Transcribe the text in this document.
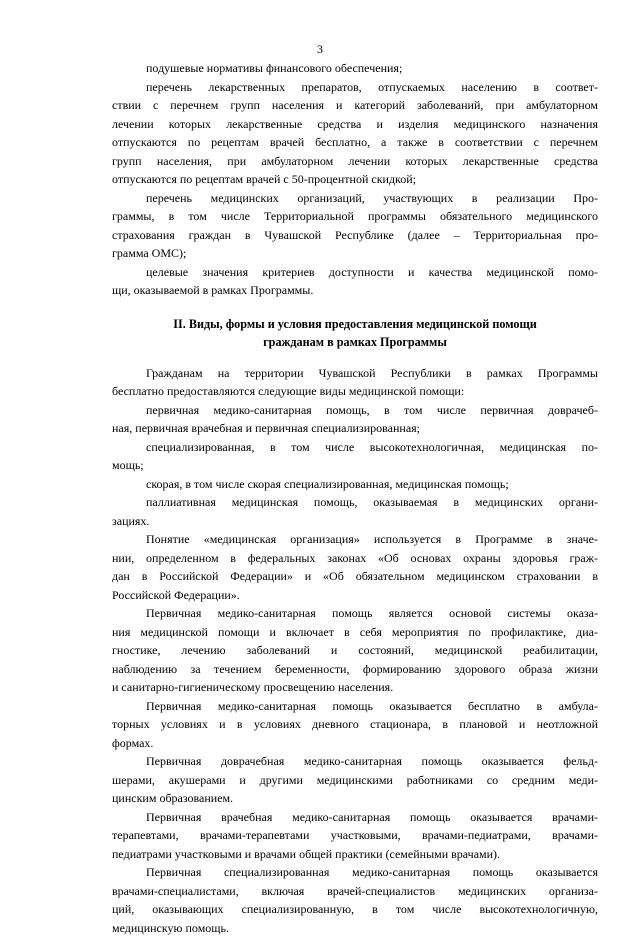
3
подушевые нормативы финансового обеспечения;
перечень лекарственных препаратов, отпускаемых населению в соответ-
ствии с перечнем групп населения и категорий заболеваний, при амбулаторном
лечении которых лекарственные средства и изделия медицинского назначения
отпускаются по рецептам врачей бесплатно, а также в соответствии с перечнем
групп населения, при амбулаторном лечении которых лекарственные средства
отпускаются по рецептам врачей с 50-процентной скидкой;
перечень медицинских организаций, участвующих в реализации Про-
граммы, в том числе Территориальной программы обязательного медицинского
страхования граждан в Чувашской Республике (далее – Территориальная про-
грамма ОМС);
целевые значения критериев доступности и качества медицинской помо-
щи, оказываемой в рамках Программы.
II. Виды, формы и условия предоставления медицинской помощи
гражданам в рамках Программы
Гражданам на территории Чувашской Республики в рамках Программы
бесплатно предоставляются следующие виды медицинской помощи:
первичная медико-санитарная помощь, в том числе первичная доврачеб-
ная, первичная врачебная и первичная специализированная;
специализированная, в том числе высокотехнологичная, медицинская по-
мощь;
скорая, в том числе скорая специализированная, медицинская помощь;
паллиативная медицинская помощь, оказываемая в медицинских органи-
зациях.
Понятие «медицинская организация» используется в Программе в значе-
нии, определенном в федеральных законах «Об основах охраны здоровья граж-
дан в Российской Федерации» и «Об обязательном медицинском страховании в
Российской Федерации».
Первичная медико-санитарная помощь является основой системы оказа-
ния медицинской помощи и включает в себя мероприятия по профилактике, диа-
гностике, лечению заболеваний и состояний, медицинской реабилитации,
наблюдению за течением беременности, формированию здорового образа жизни
и санитарно-гигиеническому просвещению населения.
Первичная медико-санитарная помощь оказывается бесплатно в амбула-
торных условиях и в условиях дневного стационара, в плановой и неотложной
формах.
Первичная доврачебная медико-санитарная помощь оказывается фельд-
шерами, акушерами и другими медицинскими работниками со средним меди-
цинским образованием.
Первичная врачебная медико-санитарная помощь оказывается врачами-
терапевтами, врачами-терапевтами участковыми, врачами-педиатрами, врачами-
педиатрами участковыми и врачами общей практики (семейными врачами).
Первичная специализированная медико-санитарная помощь оказывается
врачами-специалистами, включая врачей-специалистов медицинских организа-
ций, оказывающих специализированную, в том числе высокотехнологичную,
медицинскую помощь.
